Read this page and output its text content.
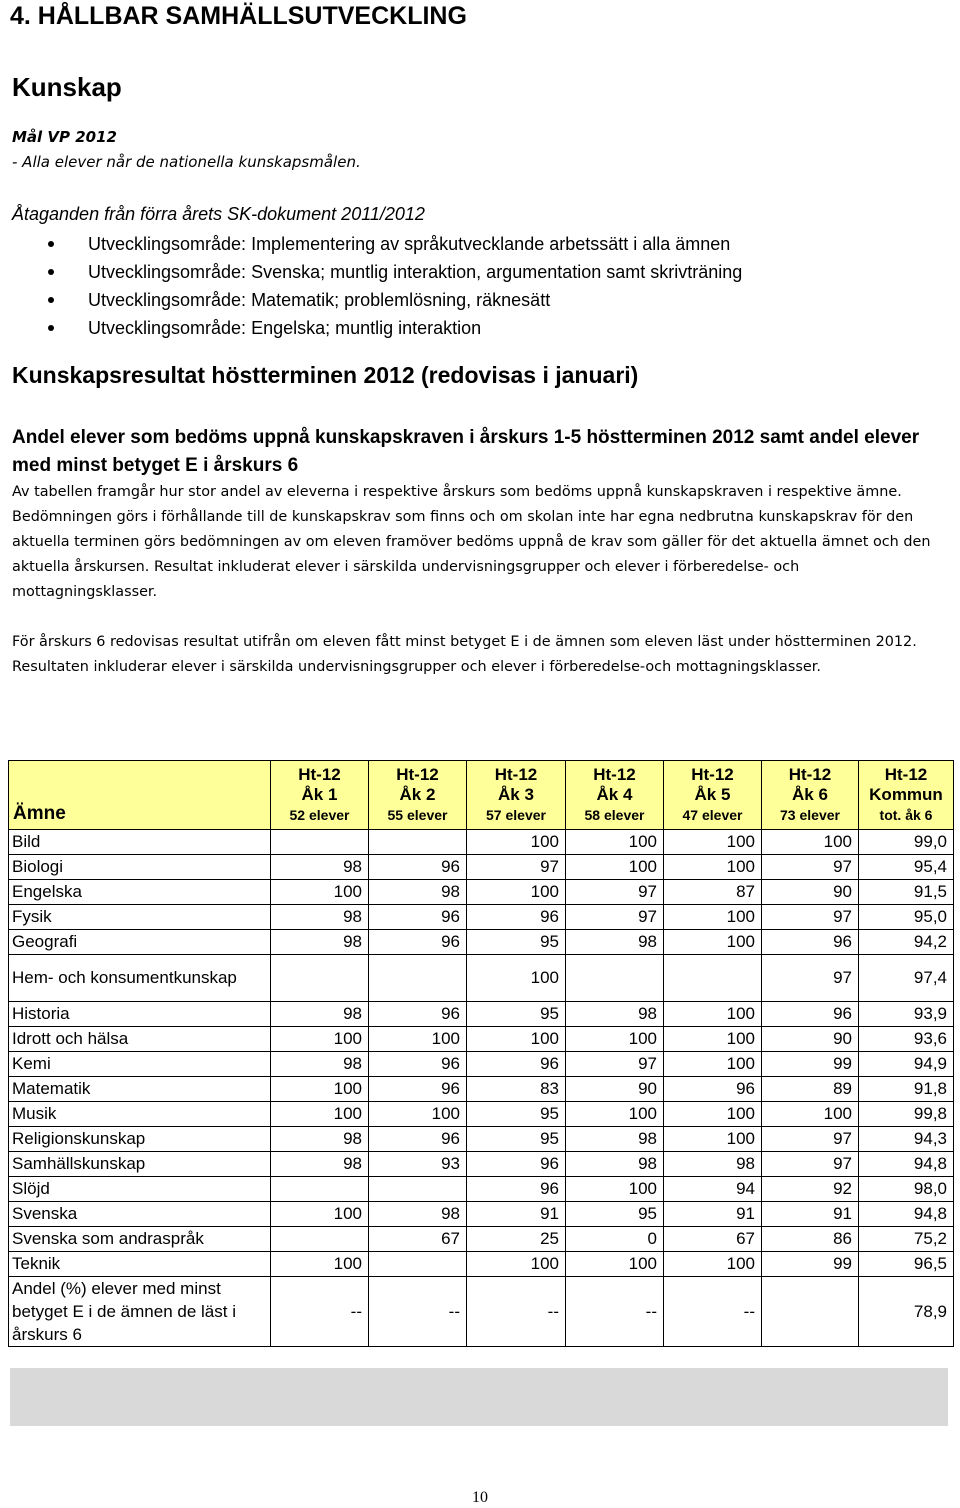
4. HÅLLBAR SAMHÄLLSUTVECKLING
Kunskap
Mål VP 2012
- Alla elever når de nationella kunskapsmålen.
Åtaganden från förra årets SK-dokument 2011/2012
Utvecklingsområde: Implementering av språkutvecklande arbetssätt i alla ämnen
Utvecklingsområde: Svenska; muntlig interaktion, argumentation samt skrivträning
Utvecklingsområde: Matematik; problemlösning, räknesätt
Utvecklingsområde: Engelska; muntlig interaktion
Kunskapsresultat höstterminen 2012 (redovisas i januari)
Andel elever som bedöms uppnå kunskapskraven i årskurs 1-5 höstterminen 2012 samt andel elever med minst betyget E i årskurs 6
Av tabellen framgår hur stor andel av eleverna i respektive årskurs som bedöms uppnå kunskapskraven i respektive ämne. Bedömningen görs i förhållande till de kunskapskrav som finns och om skolan inte har egna nedbrutna kunskapskrav för den aktuella terminen görs bedömningen av om eleven framöver bedöms uppnå de krav som gäller för det aktuella ämnet och den aktuella årskursen. Resultat inkluderat elever i särskilda undervisningsgrupper och elever i förberedelse- och mottagningsklasser.
För årskurs 6 redovisas resultat utifrån om eleven fått minst betyget E i de ämnen som eleven läst under höstterminen 2012. Resultaten inkluderar elever i särskilda undervisningsgrupper och elever i förberedelse-och mottagningsklasser.
Ämne	Ht-12
Åk 1
52 elever	Ht-12
Åk 2
55 elever	Ht-12
Åk 3
57 elever	Ht-12
Åk 4
58 elever	Ht-12
Åk 5
47 elever	Ht-12
Åk 6
73 elever	Ht-12
Kommun
tot. åk 6

Bild			100	100	100	100	99,0
Biologi	98	96	97	100	100	97	95,4
Engelska	100	98	100	97	87	90	91,5
Fysik	98	96	96	97	100	97	95,0
Geografi	98	96	95	98	100	96	94,2
Hem- och konsumentkunskap			100			97	97,4
Historia	98	96	95	98	100	96	93,9
Idrott och hälsa	100	100	100	100	100	90	93,6
Kemi	98	96	96	97	100	99	94,9
Matematik	100	96	83	90	96	89	91,8
Musik	100	100	95	100	100	100	99,8
Religionskunskap	98	96	95	98	100	97	94,3
Samhällskunskap	98	93	96	98	98	97	94,8
Slöjd			96	100	94	92	98,0
Svenska	100	98	91	95	91	91	94,8
Svenska som andraspråk		67	25	0	67	86	75,2
Teknik	100		100	100	100	99	96,5
Andel (%) elever med minst betyget E i de ämnen de läst i årskurs 6	--	--	--	--	--		78,9
10
